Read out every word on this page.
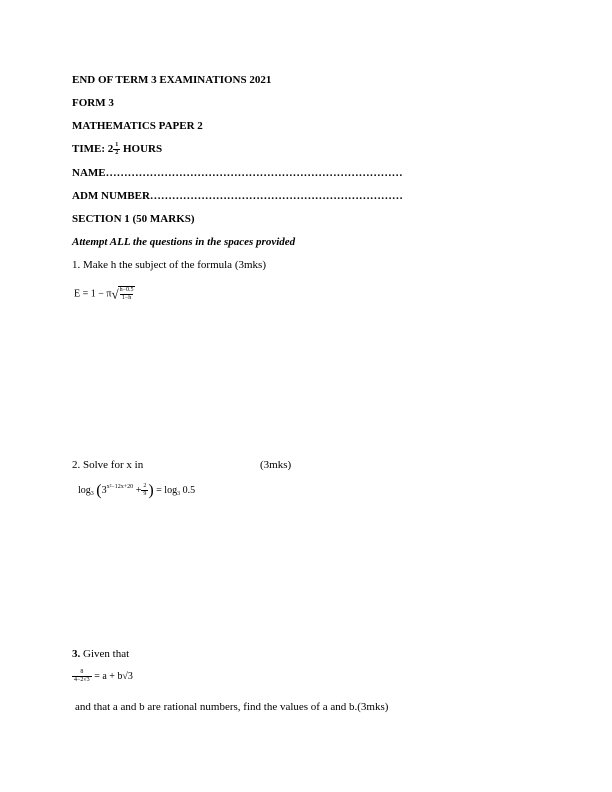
END OF TERM 3 EXAMINATIONS 2021
FORM 3
MATHEMATICS PAPER 2
TIME: $2 \frac{1}{2}$ HOURS
NAME………………………………………………………………………
ADM NUMBER……………………………………………………………
SECTION 1 (50 MARKS)
Attempt ALL the questions in the spaces provided
1. Make h the subject of the formula (3mks)
$E = 1 - \pi√ \frac{h-0.5}{1-h}$
2. Solve for x in	(3mks)
$\log_3 (3^{x^2-12x+20} + \frac{2}{9}$ ) = $\log_3 0.5$
3. Given that
$\frac{8}{4-2√3} = a + b√3$
and that a and b are rational numbers, find the values of a and b.(3mks)
